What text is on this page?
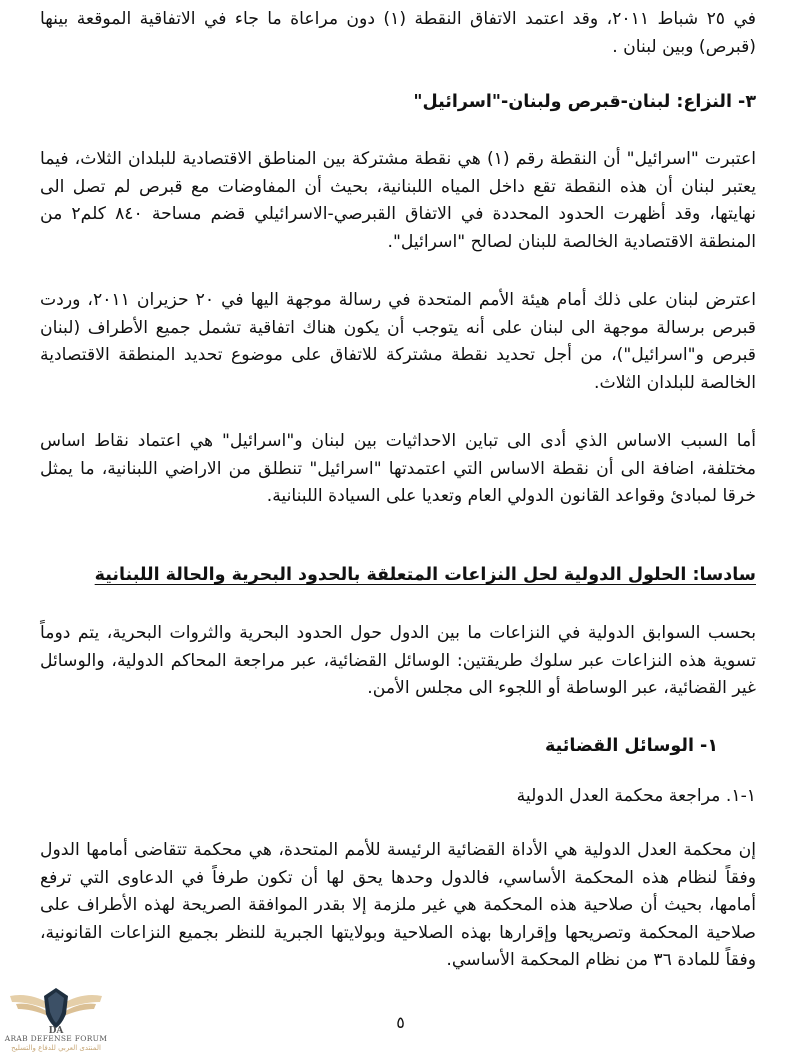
في ٢٥ شباط ٢٠١١، وقد اعتمد الاتفاق النقطة (١) دون مراعاة ما جاء في الاتفاقية الموقعة بينها (قبرص) وبين لبنان .

٣- النزاع: لبنان-قبرص ولبنان-"اسرائيل"

اعتبرت "اسرائيل" أن النقطة رقم (١) هي نقطة مشتركة بين المناطق الاقتصادية للبلدان الثلاث، فيما يعتبر لبنان أن هذه النقطة تقع داخل المياه اللبنانية، بحيث أن المفاوضات مع قبرص لم تصل الى نهايتها، وقد أظهرت الحدود المحددة في الاتفاق القبرصي-الاسرائيلي قضم مساحة ٨٤٠ كلم٢ من المنطقة الاقتصادية الخالصة للبنان لصالح "اسرائيل".

اعترض لبنان على ذلك أمام هيئة الأمم المتحدة في رسالة موجهة اليها في ٢٠ حزيران ٢٠١١، وردت قبرص برسالة موجهة الى لبنان على أنه يتوجب أن يكون هناك اتفاقية تشمل جميع الأطراف (لبنان قبرص و"اسرائيل")، من أجل تحديد نقطة مشتركة للاتفاق على موضوع تحديد المنطقة الاقتصادية الخالصة للبلدان الثلاث.

أما السبب الاساس الذي أدى الى تباين الاحداثيات بين لبنان و"اسرائيل" هي اعتماد نقاط اساس مختلفة، اضافة الى أن نقطة الاساس التي اعتمدتها "اسرائيل" تنطلق من الاراضي اللبنانية، ما يمثل خرقا لمبادئ وقواعد القانون الدولي العام وتعديا على السيادة اللبنانية.

سادسا: الحلول الدولية لحل النزاعات المتعلقة بالحدود البحرية والحالة اللبنانية

بحسب السوابق الدولية في النزاعات ما بين الدول حول الحدود البحرية والثروات البحرية، يتم دوماً تسوية هذه النزاعات عبر سلوك طريقتين: الوسائل القضائية، عبر مراجعة المحاكم الدولية، والوسائل غير القضائية، عبر الوساطة أو اللجوء الى مجلس الأمن.

١- الوسائل القضائية

١-١. مراجعة محكمة العدل الدولية

إن محكمة العدل الدولية هي الأداة القضائية الرئيسة للأمم المتحدة، هي محكمة تتقاضى أمامها الدول وفقاً لنظام هذه المحكمة الأساسي، فالدول وحدها يحق لها أن تكون طرفاً في الدعاوى التي ترفع أمامها، بحيث أن صلاحية هذه المحكمة هي غير ملزمة إلا بقدر الموافقة الصريحة لهذه الأطراف على صلاحية المحكمة وتصريحها وإقرارها بهذه الصلاحية وبولايتها الجبرية للنظر بجميع النزاعات القانونية، وفقاً للمادة ٣٦ من نظام المحكمة الأساسي.

٥
DA
ARAB DEFENSE FORUM
المنتدى العربي للدفاع والتسليح
